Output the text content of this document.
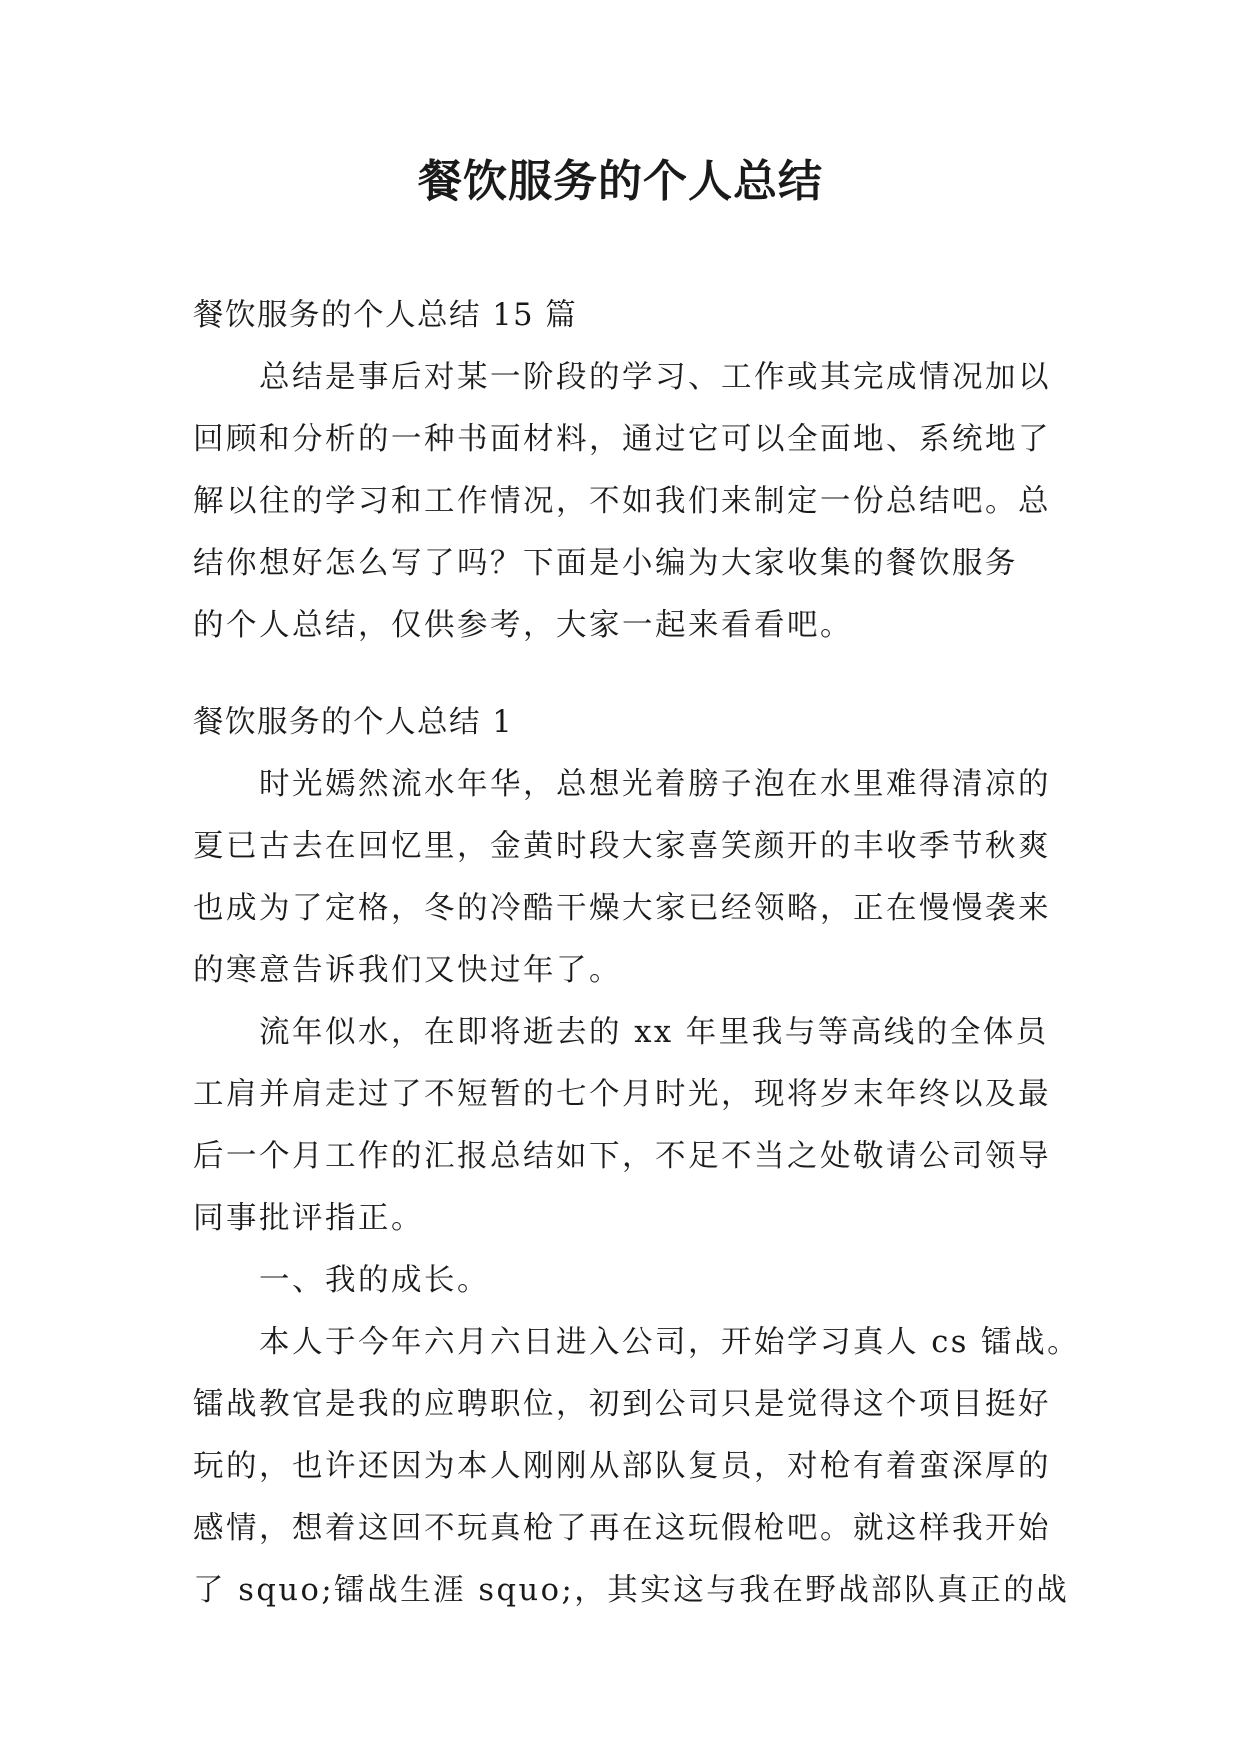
餐饮服务的个人总结
餐饮服务的个人总结 15 篇
总结是事后对某一阶段的学习、工作或其完成情况加以
回顾和分析的一种书面材料，通过它可以全面地、系统地了
解以往的学习和工作情况，不如我们来制定一份总结吧。总
结你想好怎么写了吗？下面是小编为大家收集的餐饮服务
的个人总结，仅供参考，大家一起来看看吧。
餐饮服务的个人总结 1
时光嫣然流水年华，总想光着膀子泡在水里难得清凉的
夏已古去在回忆里，金黄时段大家喜笑颜开的丰收季节秋爽
也成为了定格，冬的冷酷干燥大家已经领略，正在慢慢袭来
的寒意告诉我们又快过年了。
流年似水，在即将逝去的 xx 年里我与等高线的全体员
工肩并肩走过了不短暂的七个月时光，现将岁末年终以及最
后一个月工作的汇报总结如下，不足不当之处敬请公司领导
同事批评指正。
一、我的成长。
本人于今年六月六日进入公司，开始学习真人 cs 镭战。
镭战教官是我的应聘职位，初到公司只是觉得这个项目挺好
玩的，也许还因为本人刚刚从部队复员，对枪有着蛮深厚的
感情，想着这回不玩真枪了再在这玩假枪吧。就这样我开始
了 squo;镭战生涯 squo;，其实这与我在野战部队真正的战
